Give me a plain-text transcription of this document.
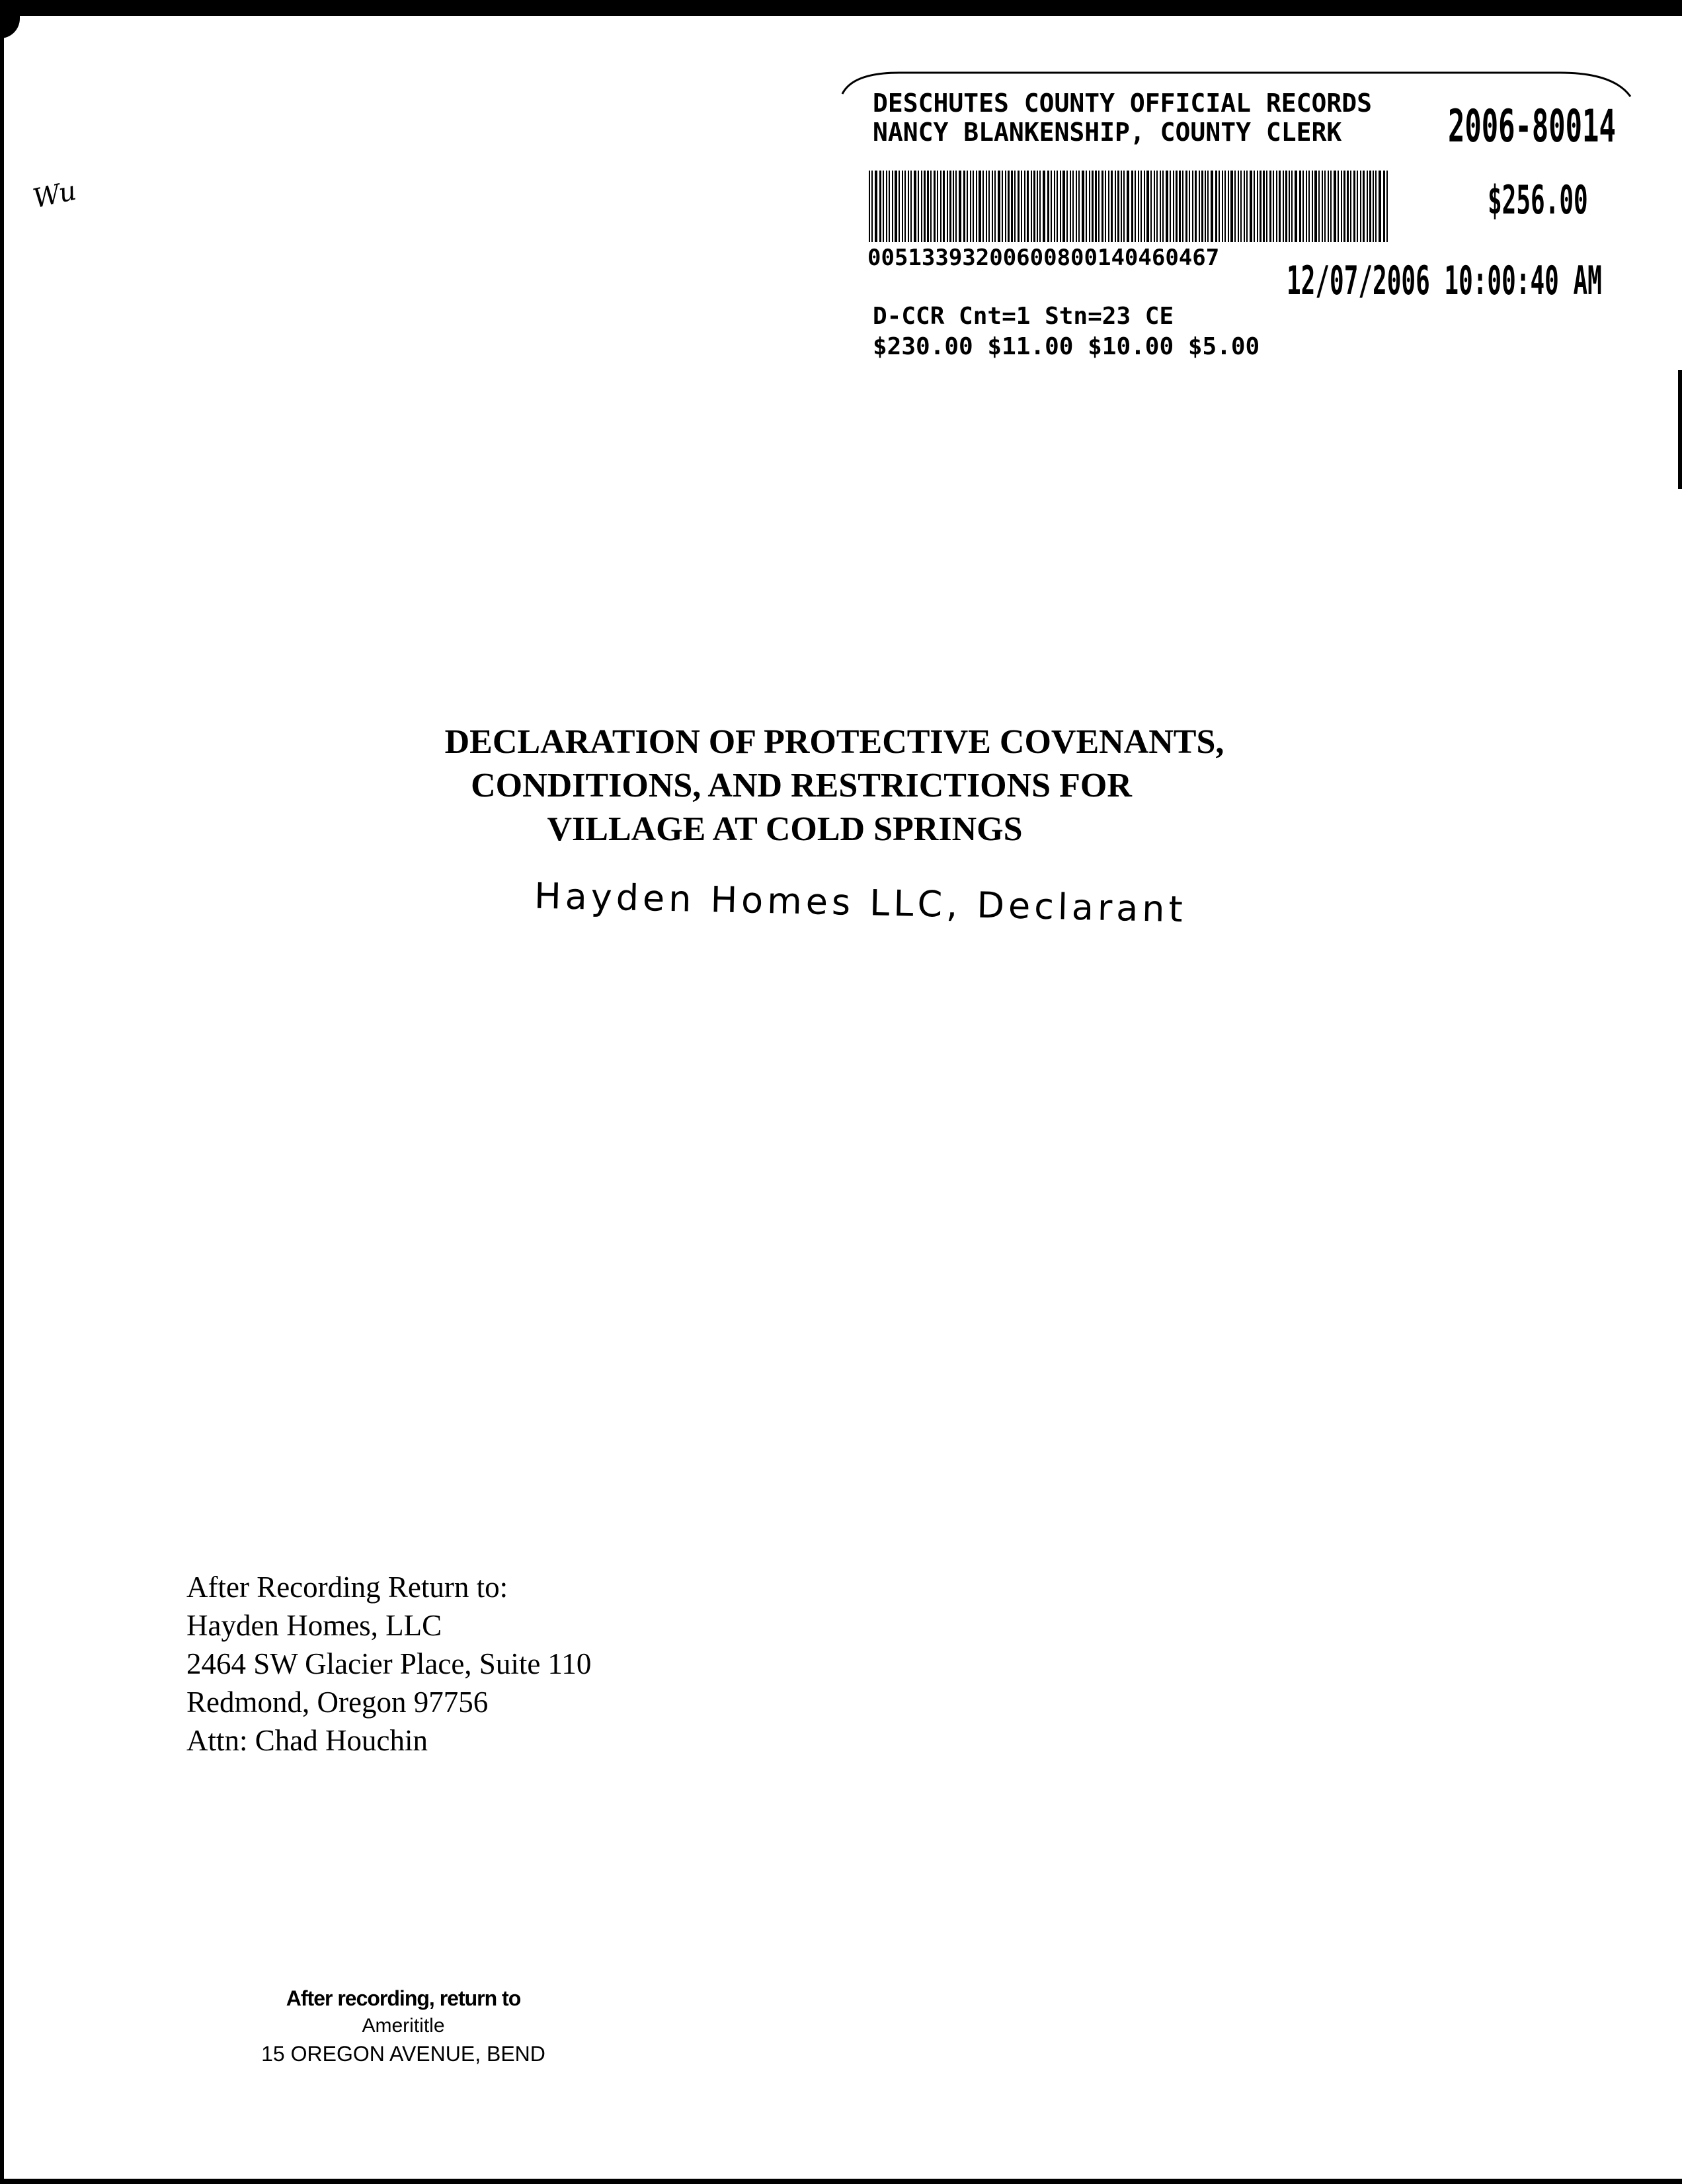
Wu
DESCHUTES COUNTY OFFICIAL RECORDS
NANCY BLANKENSHIP, COUNTY CLERK 2006-80014
$256.00
00513393200600800140460467 12/07/2006 10:00:40 AM
D-CCR Cnt=1 Stn=23 CE
$230.00 $11.00 $10.00 $5.00
DECLARATION OF PROTECTIVE COVENANTS,
CONDITIONS, AND RESTRICTIONS FOR
VILLAGE AT COLD SPRINGS
Hayden Homes LLC, Declarant
After Recording Return to:
Hayden Homes, LLC
2464 SW Glacier Place, Suite 110
Redmond, Oregon 97756
Attn: Chad Houchin
After recording, return to
Amerititle
15 OREGON AVENUE, BEND
